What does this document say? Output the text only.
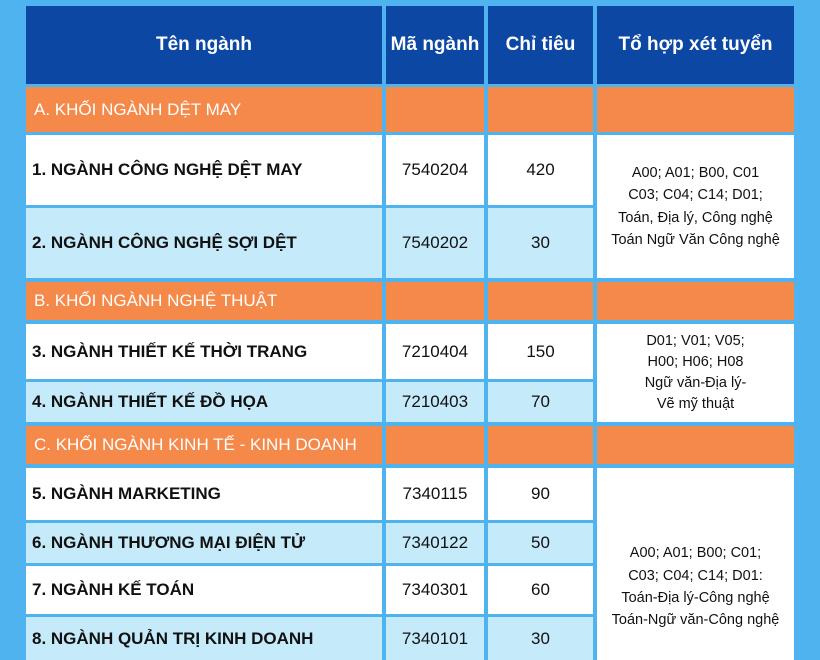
Tên ngành	Mã ngành	Chỉ tiêu	Tổ hợp xét tuyển
A. KHỐI NGÀNH DỆT MAY
1. NGÀNH CÔNG NGHỆ DỆT MAY	7540204	420
2. NGÀNH CÔNG NGHỆ SỢI DỆT	7540202	30
A00; A01; B00, C01
C03; C04; C14; D01;
Toán, Địa lý, Công nghệ
Toán Ngữ Văn Công nghệ
B. KHỐI NGÀNH NGHỆ THUẬT
3. NGÀNH THIẾT KẾ THỜI TRANG	7210404	150
4. NGÀNH THIẾT KẾ ĐỒ HỌA	7210403	70
D01; V01; V05;
H00; H06; H08
Ngữ văn-Địa lý-
Vẽ mỹ thuật
C. KHỐI NGÀNH KINH TẾ - KINH DOANH
5. NGÀNH MARKETING	7340115	90
6. NGÀNH THƯƠNG MẠI ĐIỆN TỬ	7340122	50
7. NGÀNH KẾ TOÁN	7340301	60
8. NGÀNH QUẢN TRỊ KINH DOANH	7340101	30
A00; A01; B00; C01;
C03; C04; C14; D01:
Toán-Địa lý-Công nghệ
Toán-Ngữ văn-Công nghệ
